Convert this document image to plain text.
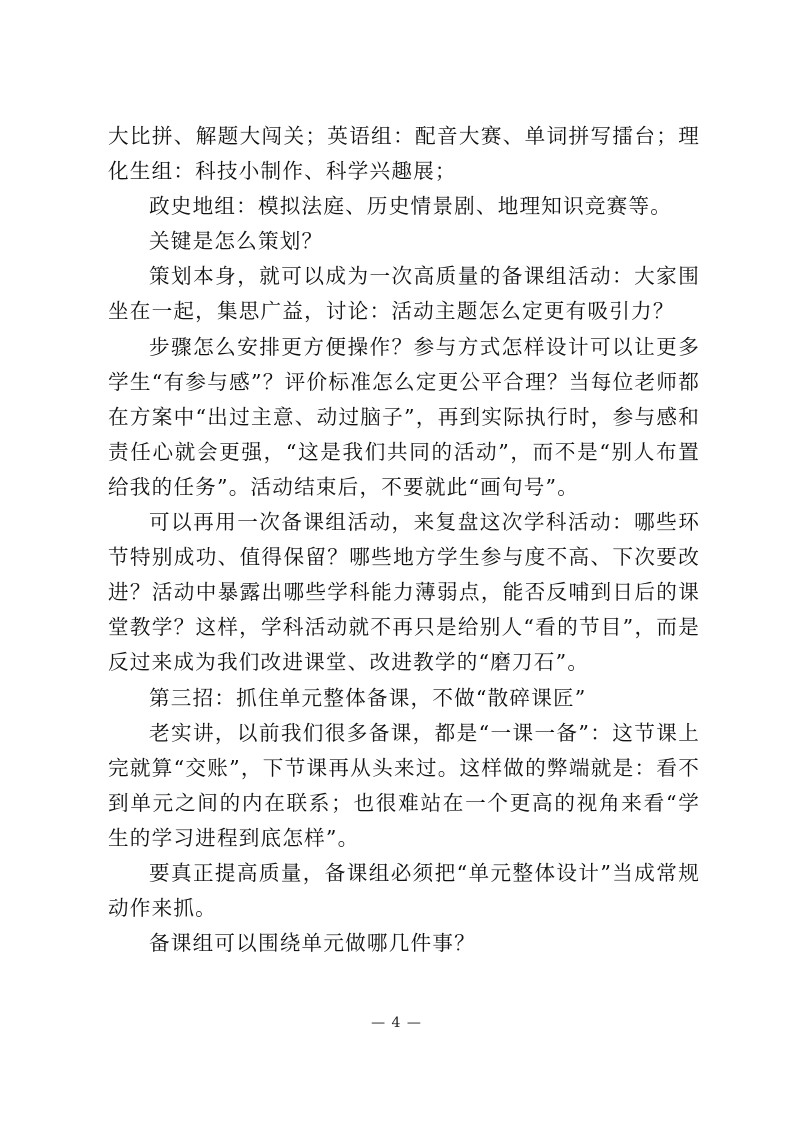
大比拼、解题大闯关；英语组：配音大赛、单词拼写擂台；理化生组：科技小制作、科学兴趣展；

政史地组：模拟法庭、历史情景剧、地理知识竞赛等。

关键是怎么策划？

策划本身，就可以成为一次高质量的备课组活动：大家围坐在一起，集思广益，讨论：活动主题怎么定更有吸引力？

步骤怎么安排更方便操作？参与方式怎样设计可以让更多学生“有参与感”？评价标准怎么定更公平合理？当每位老师都在方案中“出过主意、动过脑子”，再到实际执行时，参与感和责任心就会更强，“这是我们共同的活动”，而不是“别人布置给我的任务”。活动结束后，不要就此“画句号”。

可以再用一次备课组活动，来复盘这次学科活动：哪些环节特别成功、值得保留？哪些地方学生参与度不高、下次要改进？活动中暴露出哪些学科能力薄弱点，能否反哺到日后的课堂教学？这样，学科活动就不再只是给别人“看的节目”，而是反过来成为我们改进课堂、改进教学的“磨刀石”。

第三招：抓住单元整体备课，不做“散碎课匠”

老实讲，以前我们很多备课，都是“一课一备”：这节课上完就算“交账”，下节课再从头来过。这样做的弊端就是：看不到单元之间的内在联系；也很难站在一个更高的视角来看“学生的学习进程到底怎样”。

要真正提高质量，备课组必须把“单元整体设计”当成常规动作来抓。

备课组可以围绕单元做哪几件事？

— 4 —
